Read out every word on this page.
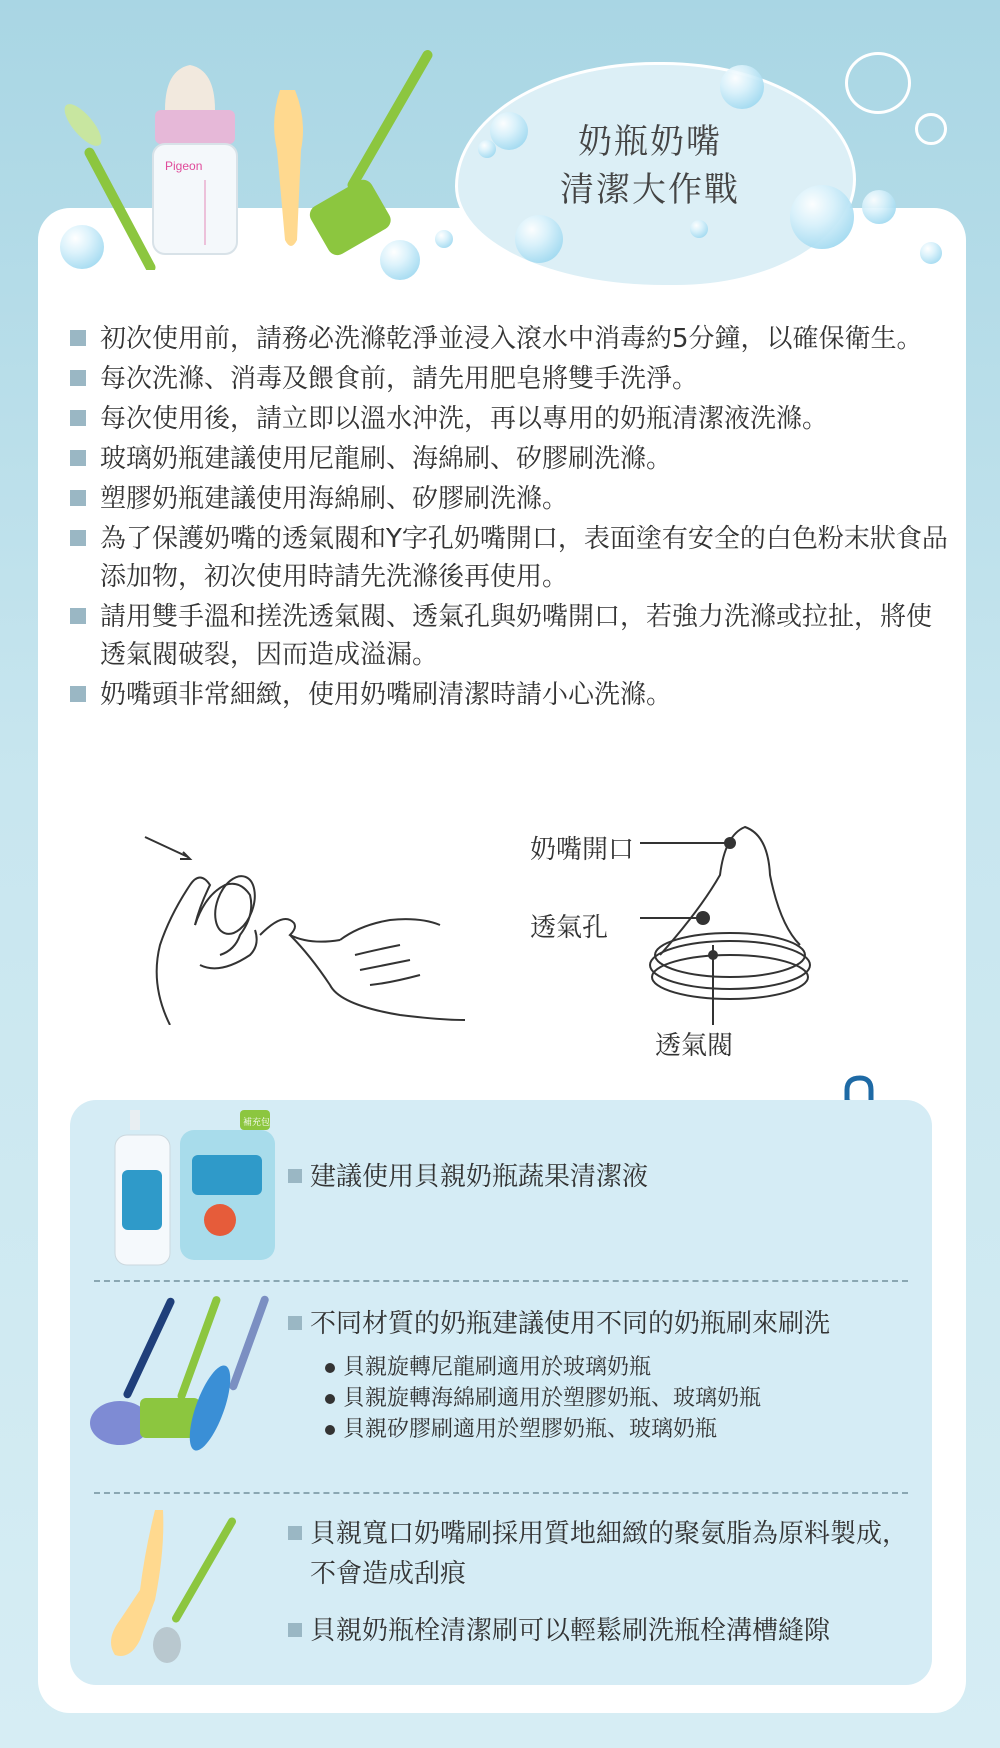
Pigeon
奶瓶奶嘴
清潔大作戰
初次使用前，請務必洗滌乾淨並浸入滾水中消毒約5分鐘，以確保衛生。
每次洗滌、消毒及餵食前，請先用肥皂將雙手洗淨。
每次使用後，請立即以溫水沖洗，再以專用的奶瓶清潔液洗滌。
玻璃奶瓶建議使用尼龍刷、海綿刷、矽膠刷洗滌。
塑膠奶瓶建議使用海綿刷、矽膠刷洗滌。
為了保護奶嘴的透氣閥和Y字孔奶嘴開口，表面塗有安全的白色粉末狀食品添加物，初次使用時請先洗滌後再使用。
請用雙手溫和搓洗透氣閥、透氣孔與奶嘴開口，若強力洗滌或拉扯，將使透氣閥破裂，因而造成溢漏。
奶嘴頭非常細緻，使用奶嘴刷清潔時請小心洗滌。
奶嘴開口
透氣孔
透氣閥
補充包
建議使用貝親奶瓶蔬果清潔液
不同材質的奶瓶建議使用不同的奶瓶刷來刷洗
貝親旋轉尼龍刷適用於玻璃奶瓶
貝親旋轉海綿刷適用於塑膠奶瓶、玻璃奶瓶
貝親矽膠刷適用於塑膠奶瓶、玻璃奶瓶
貝親寬口奶嘴刷採用質地細緻的聚氨脂為原料製成，不會造成刮痕
貝親奶瓶栓清潔刷可以輕鬆刷洗瓶栓溝槽縫隙
